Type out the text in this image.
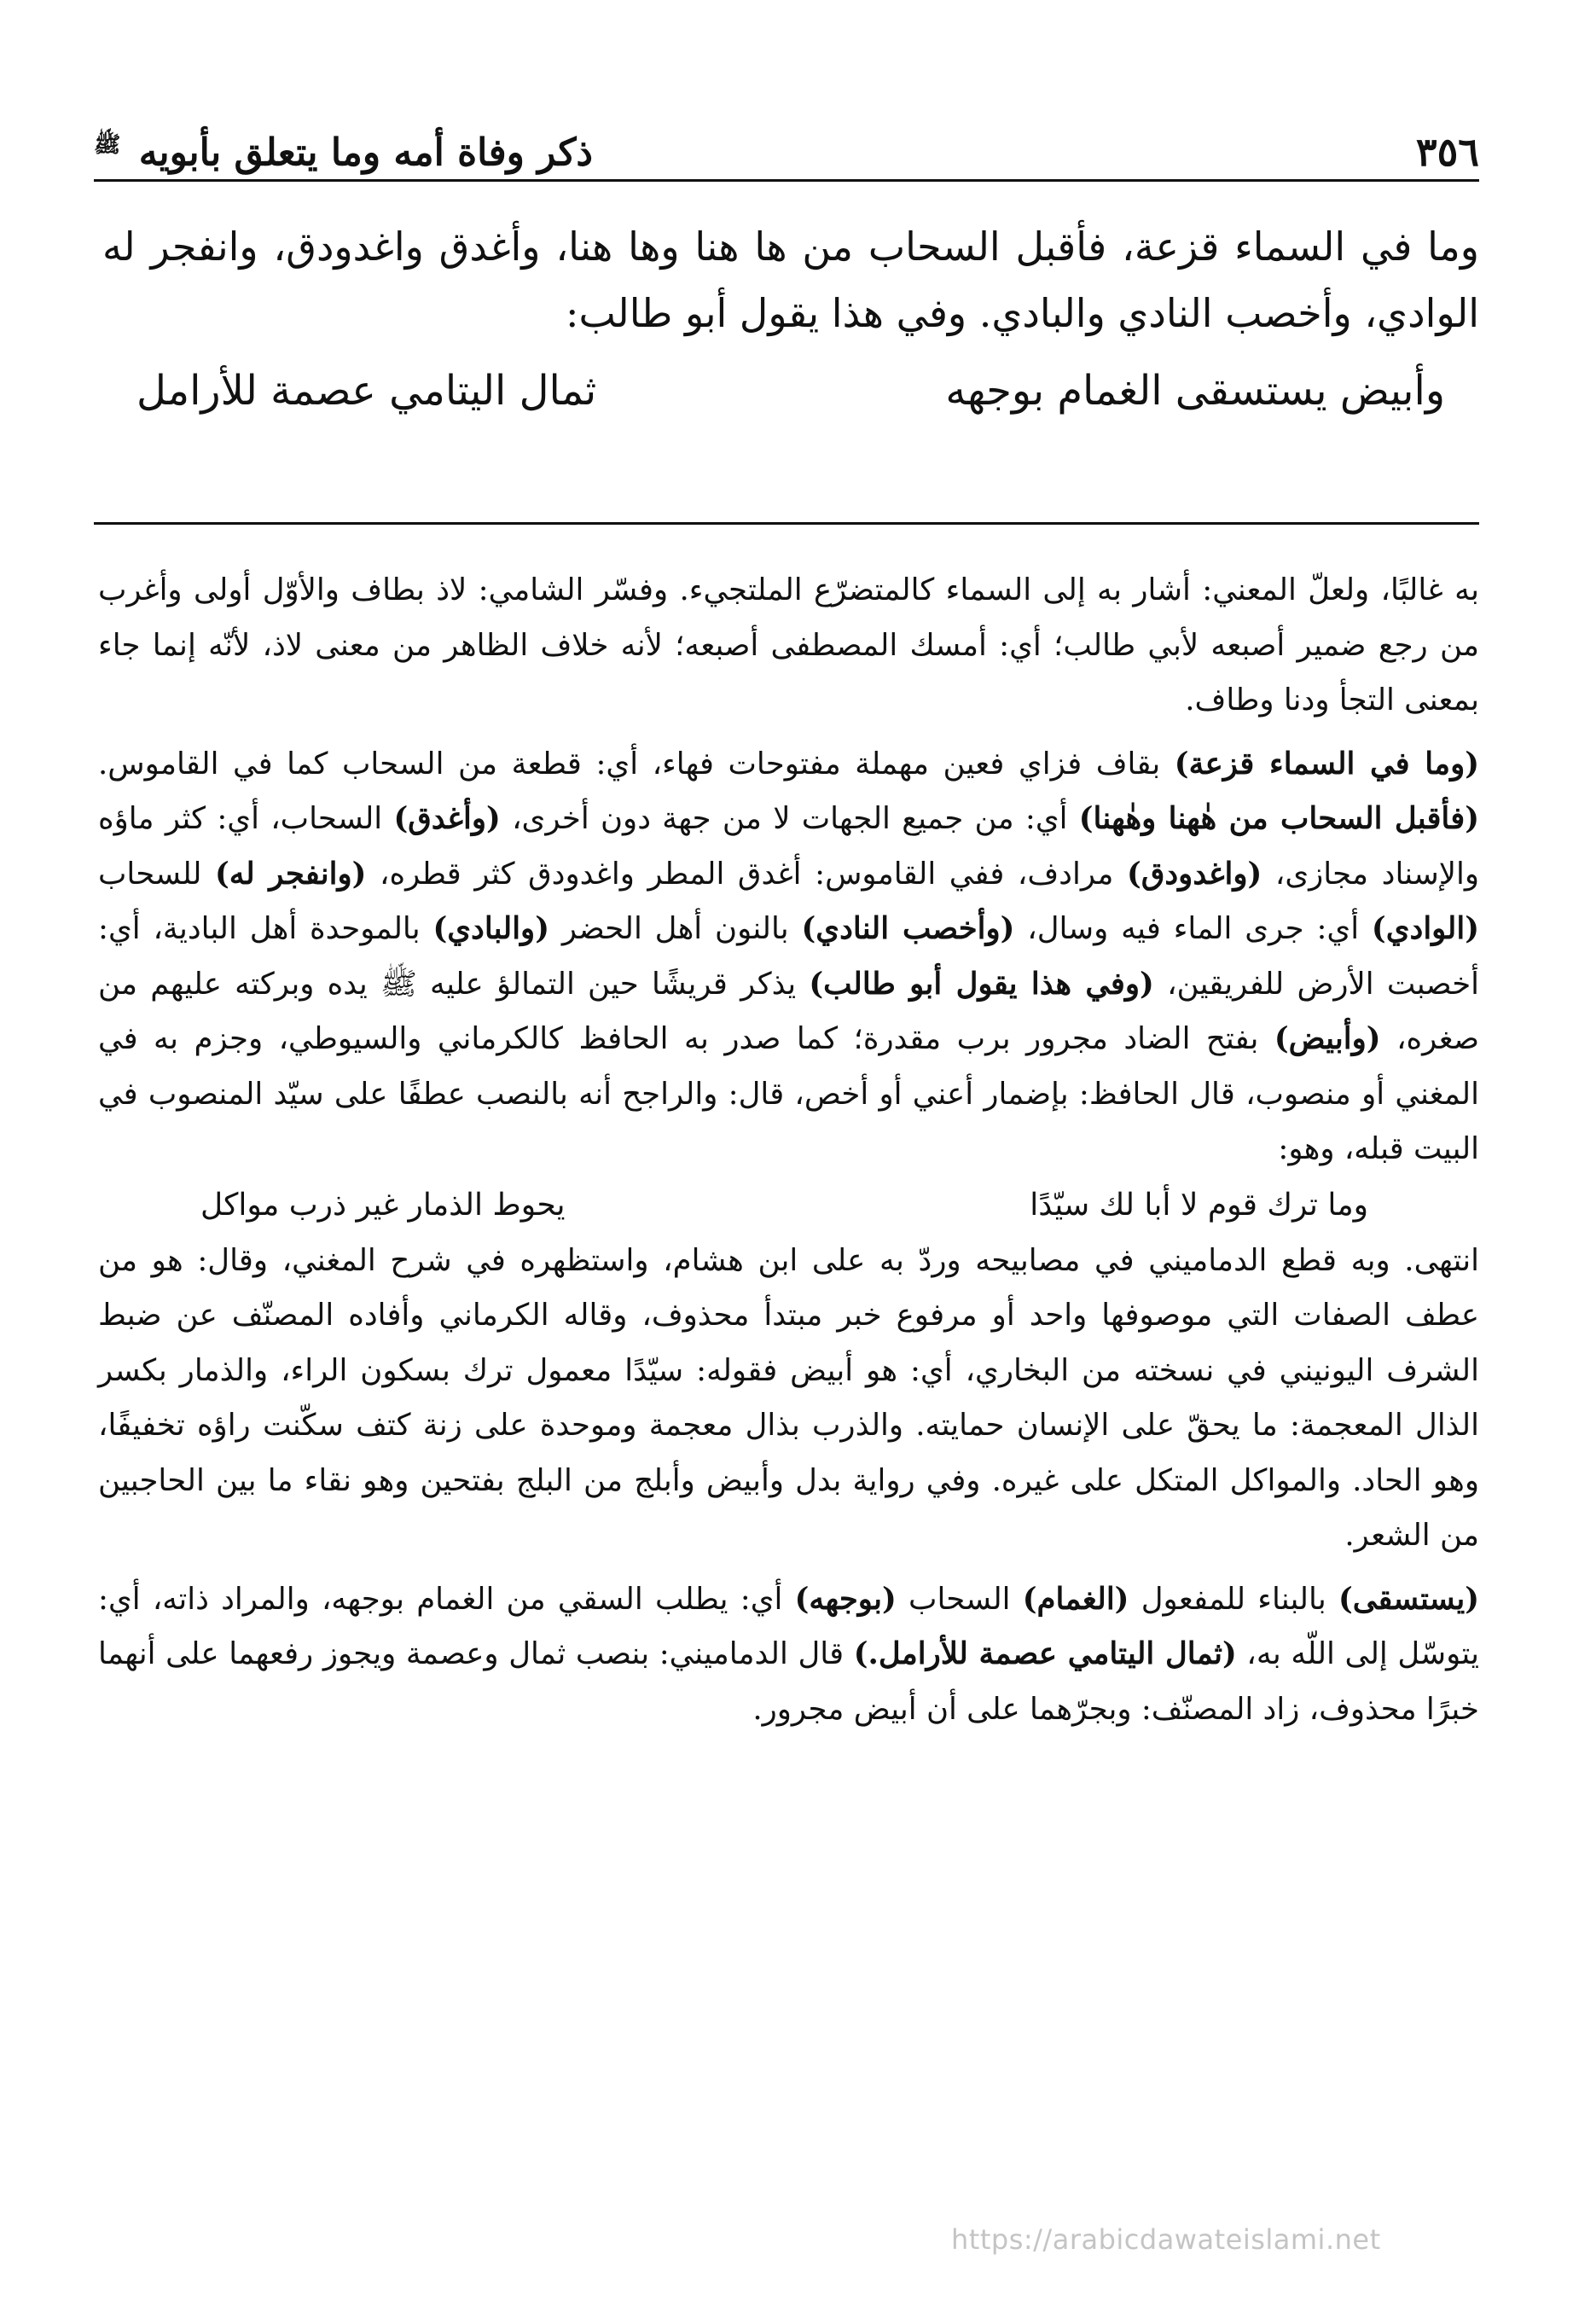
٣٥٦
ذكر وفاة أمه وما يتعلق بأبويه $^ﷺ$

وما في السماء قزعة، فأقبل السحاب من ها هنا وها هنا، وأغدق واغدودق، وانفجر له الوادي، وأخصب النادي والبادي. وفي هذا يقول أبو طالب:

وأبيض يستسقى الغمام بوجهه
ثمال اليتامي عصمة للأرامل

به غالبًا، ولعلّ المعني: أشار به إلى السماء كالمتضرّع الملتجيء. وفسّر الشامي: لاذ بطاف والأوّل أولى وأغرب من رجع ضمير أصبعه لأبي طالب؛ أي: أمسك المصطفى أصبعه؛ لأنه خلاف الظاهر من معنى لاذ، لأنّه إنما جاء بمعنى التجأ ودنا وطاف.

(وما في السماء قزعة) بقاف فزاي فعين مهملة مفتوحات فهاء، أي: قطعة من السحاب كما في القاموس. (فأقبل السحاب من هٰهنا وهٰهنا) أي: من جميع الجهات لا من جهة دون أخرى، (وأغدق) السحاب، أي: كثر ماؤه والإسناد مجازى، (واغدودق) مرادف، ففي القاموس: أغدق المطر واغدودق كثر قطره، (وانفجر له) للسحاب (الوادي) أي: جرى الماء فيه وسال، (وأخصب النادي) بالنون أهل الحضر (والبادي) بالموحدة أهل البادية، أي: أخصبت الأرض للفريقين، (وفي هذا يقول أبو طالب) يذكر قريشًا حين التمالؤ عليه ﷺ يده وبركته عليهم من صغره، (وأبيض) بفتح الضاد مجرور برب مقدرة؛ كما صدر به الحافظ كالكرماني والسيوطي، وجزم به في المغني أو منصوب، قال الحافظ: بإضمار أعني أو أخص، قال: والراجح أنه بالنصب عطفًا على سيّد المنصوب في البيت قبله، وهو:

وما ترك قوم لا أبا لك سيّدًا
يحوط الذمار غير ذرب مواكل

انتهى. وبه قطع الدماميني في مصابيحه وردّ به على ابن هشام، واستظهره في شرح المغني، وقال: هو من عطف الصفات التي موصوفها واحد أو مرفوع خبر مبتدأ محذوف، وقاله الكرماني وأفاده المصنّف عن ضبط الشرف اليونيني في نسخته من البخاري، أي: هو أبيض فقوله: سيّدًا معمول ترك بسكون الراء، والذمار بكسر الذال المعجمة: ما يحقّ على الإنسان حمايته. والذرب بذال معجمة وموحدة على زنة كتف سكّنت راؤه تخفيفًا، وهو الحاد. والمواكل المتكل على غيره. وفي رواية بدل وأبيض وأبلج من البلج بفتحين وهو نقاء ما بين الحاجبين من الشعر.

(يستسقى) بالبناء للمفعول (الغمام) السحاب (بوجهه) أي: يطلب السقي من الغمام بوجهه، والمراد ذاته، أي: يتوسّل إلى اللّه به، (ثمال اليتامي عصمة للأرامل.) قال الدماميني: بنصب ثمال وعصمة ويجوز رفعهما على أنهما خبرًا محذوف، زاد المصنّف: وبجرّهما على أن أبيض مجرور.

https://arabicdawateislami.net
